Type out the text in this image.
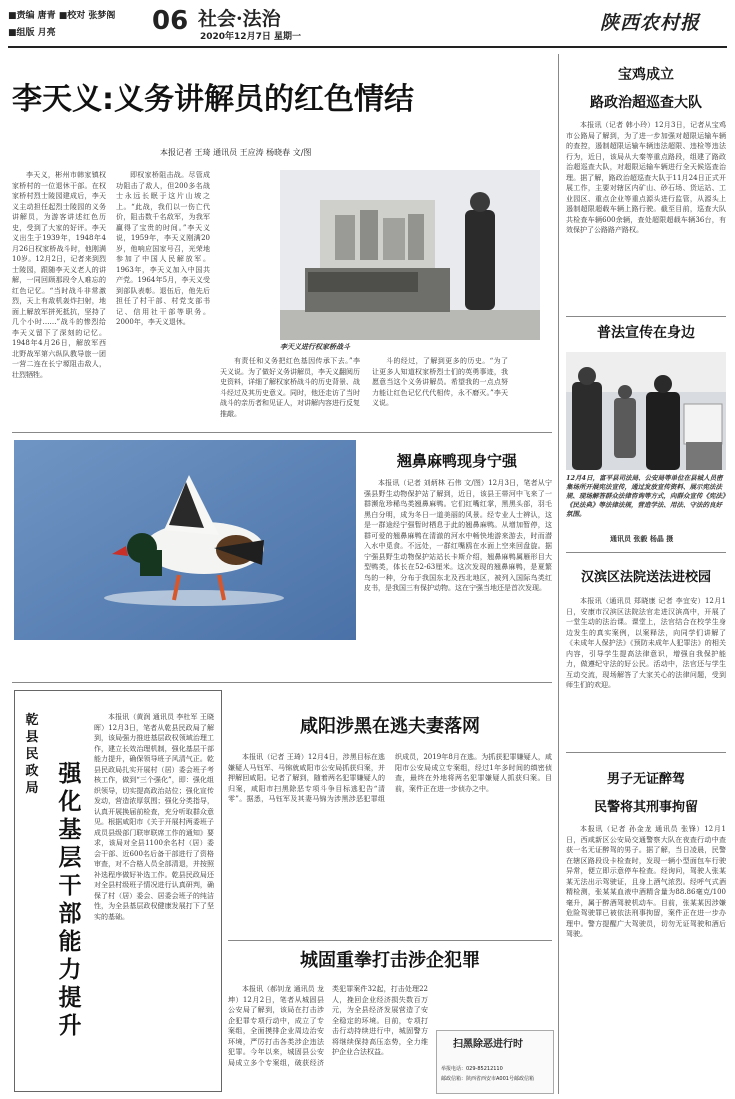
■责编 唐青 ■校对 张梦阁
■组版 月亮	06 社会·法治
2020年12月7日 星期一
陕西农村报
李天义:义务讲解员的红色情结
本报记者 王琦 通讯员 王应涛 杨晓春 文/图

李天义，彬州市韩家镇权家桥村的一位退休干部。在权家桥村烈士陵园建成后，李天义主动担任起烈士陵园的义务讲解员，为游客讲述红色历史，受到了大家的好评。李天义出生于1939年，1948年4月26日权家桥战斗时，他刚满10岁。12月2日，记者来到烈士陵园，跟随李天义老人的讲解，一同回顾那段令人难忘的红色记忆。“当时战斗非常激烈，天上有敌机轰炸扫射，地面上解放军拼死抵抗，坚持了几个小时……”战斗的惨烈给李天义留下了深刻的记忆。1948年4月26日，解放军西北野战军第六纵队教导旅一团一营二连在长宁塬阻击敌人，壮烈牺牲。

即权家桥阻击战。尽管成功阻击了敌人，但200多名战士永远长眠于这片山坡之上。“此战，我们以一伤亡代价，阻击数千名敌军，为我军赢得了宝贵的时间。”李天义说，1959年，李天义刚满20岁，他响应国家号召，光荣地参加了中国人民解放军。1963年，李天义加入中国共产党。1964年5月，李天义受到部队表彰。退伍后，他先后担任了村干部、村党支部书记、信用社干部等职务。2000年，李天义退休。

李天义进行权家桥战斗

有责任和义务把红色基因传承下去。”李天义说。为了做好义务讲解员，李天义翻阅历史资料，详细了解权家桥战斗的历史背景、战斗经过及其历史意义。同时，他还走访了当时战斗的亲历者和见证人，对讲解内容进行反复推敲。

斗的经过，了解到更多的历史。“为了让更多人知道权家桥烈士们的英勇事迹，我愿意当这个义务讲解员。希望我的一点点努力能让红色记忆代代相传，永不磨灭。”李天义说。

翘鼻麻鸭现身宁强

本报讯（记者 刘炳林 石伟 文/图）12月3日，笔者从宁强县野生动物保护站了解到，近日，该县王帯河中飞来了一群濒危珍稀鸟类翘鼻麻鸭。它们红嘴红掌，黑黑头部，羽毛黑白分明，成为冬日一道美丽的风景。经专业人士辨认，这是一群途经宁强暂时栖息于此的翘鼻麻鸭。从增加暂停，这群可爱的翘鼻麻鸭在清澈的河水中畅快地游来游去，时而潜入水中觅食。不远处，一群红嘴鸥在水面上空来回盘旋。据宁强县野生动物保护站站长卡斯介绍，翘鼻麻鸭属雁形目大型鸭类，体长在52-63厘米。这次发现的翘鼻麻鸭，是夏繁鸟的一种，分布于我国东北及西北地区，被列入国际鸟类红皮书，是我国三有保护动物。这在宁强当地还是首次发现。

乾县民政局
强化基层干部能力提升

本报讯（黄润 通讯员 李杜军 王晓晖）12月3日，笔者从乾县民政局了解到，该局强力推进基层政权领域治理工作，建立长效治理机制，强化基层干部能力提升，确保领导班子风清气正。乾县民政局扎实开展村（居）委会班子考核工作，做到“三个强化”，即：强化组织领导，切实提高政治站位；强化宣传发动，营造浓厚氛围；强化分类指导，认真开展换届前检查，充分听取群众意见。根据咸阳市《关于开展村两委班子成员县级部门联审联席工作的通知》要求，该局对全县1100余名村（居）委会干部、近600名后备干部进行了资格审查，对不合格人员全部清退，并按照补选程序做好补选工作。乾县民政局还对全县村级班子情况进行认真研判，确保了村（居）委会、居委会班子的纯洁性，为全县基层政权健康发展打下了坚实的基础。

咸阳涉黑在逃夫妻落网

本报讯（记者 王琦）12月4日，涉黑目标在逃嫌疑人马钰军、马锦就咸阳市公安局抓获归案，并押解回咸阳。记者了解到，随着两名犯罪嫌疑人的归案，咸阳市扫黑除恶专项斗争目标逃犯告“清零”。据悉，马钰军及其妻马锦为涉黑涉恶犯罪组织成员，2019年8月在逃。为抓获犯罪嫌疑人，咸阳市公安局成立专案组，经过1年多时间的缜密侦查，最终在外地将两名犯罪嫌疑人抓获归案。目前，案件正在进一步侦办之中。

城固重拳打击涉企犯罪

本报讯（郝钊龙 通讯员 龙坤）12月2日，笔者从城固县公安局了解到，该局在打击涉企犯罪专项行动中，成立了专案组，全面摸排企业周边治安环境，严厉打击各类涉企违法犯罪。今年以来，城固县公安局成立多个专案组，破获经济类犯罪案件32起，打击处理22人，挽回企业经济损失数百万元，为全县经济发展营造了安全稳定的环境。目前，专项打击行动持续进行中，城固警方将继续保持高压态势，全力维护企业合法权益。

扫黑除恶进行时
举报电话：029-85212110
邮政信箱：陕西省西安市A001号邮政信箱
宝鸡成立
路政治超巡查大队

本报讯（记者 韩小玲）12月3日，记者从宝鸡市公路局了解到，为了进一步加强对超限运输车辆的查控，遏制超限运输车辆违法超限、违检等违法行为，近日，该局从大秦等重点路段，组建了路政治超巡查大队，对超限运输车辆进行全天候巡查治理。据了解，路政治超巡查大队于11月24日正式开展工作，主要对辖区内矿山、砂石场、货运站、工业园区、重点企业等重点源头进行监管，从源头上遏制超限超载车辆上路行驶。截至目前，巡查大队共检查车辆600余辆，查处超限超载车辆36台，有效保护了公路路产路权。

普法宣传在身边
12月4日，富平县司法局、公安局等单位在县城人员密集场所开展宪法宣传，通过发放宣传资料、展示宪法法规、现场解答群众法律咨询等方式，向群众宣传《宪法》《民法典》等法律法规，营造学法、用法、守法的良好氛围。
通讯员 张毅 杨晶 摄
汉滨区法院送法进校园

本报讯（通讯员 郑晓康 记者 李宜安）12月1日，安康市汉滨区法院法官走进汉滨高中，开展了一堂生动的法治课。课堂上，法官结合在校学生身边发生的真实案例，以案释法，向同学们讲解了《未成年人保护法》《预防未成年人犯罪法》的相关内容，引导学生提高法律意识，增强自我保护能力，做遵纪守法的好公民。活动中，法官还与学生互动交流，现场解答了大家关心的法律问题，受到师生们的欢迎。

男子无证醉驾
民警将其刑事拘留

本报讯（记者 孙金龙 通讯员 张锋）12月1日，西咸新区公安局交通警察大队在夜查行动中查获一名无证醉驾的男子。据了解，当日凌晨，民警在辖区路段设卡检查时，发现一辆小型面包车行驶异常，便立即示意停车检查。经询问，驾驶人张某某无法出示驾驶证，且身上酒气浓烈。经呼气式酒精检测，张某某血液中酒精含量为88.86毫克/100毫升，属于醉酒驾驶机动车。目前，张某某因涉嫌危险驾驶罪已被依法刑事拘留，案件正在进一步办理中。警方提醒广大驾驶员，切勿无证驾驶和酒后驾驶。
